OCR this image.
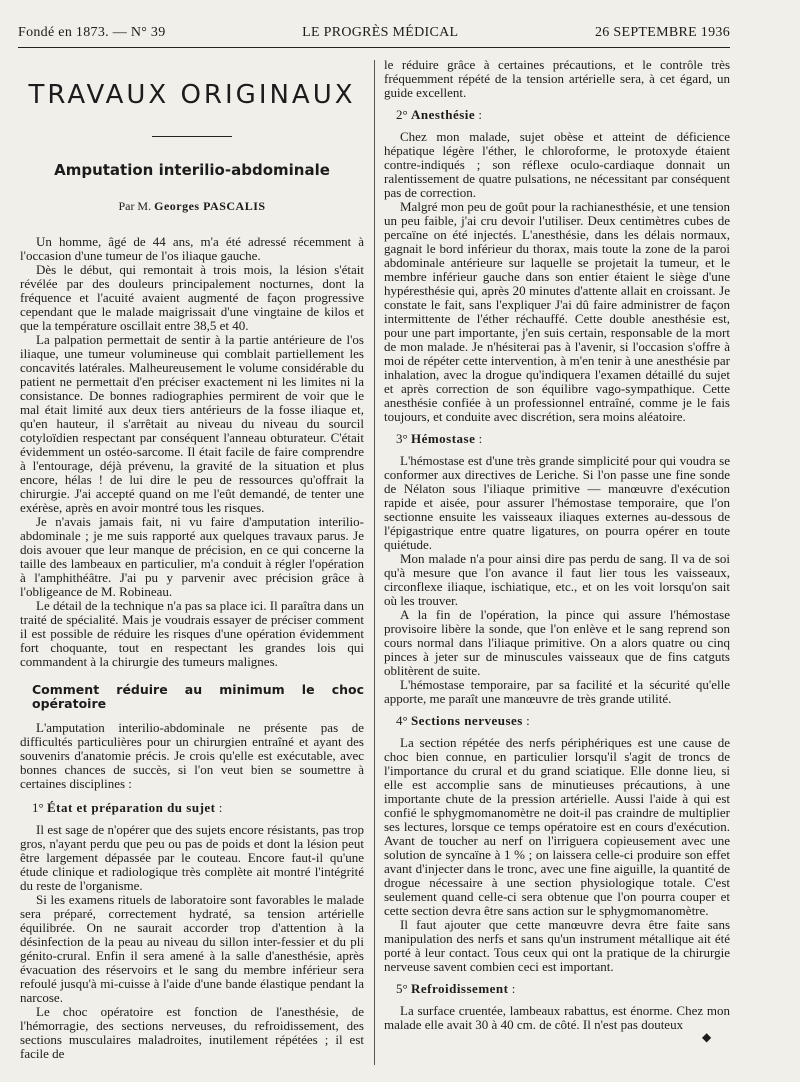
Fondé en 1873. — N° 39	LE PROGRÈS MÉDICAL	26 SEPTEMBRE 1936
TRAVAUX ORIGINAUX
Amputation interilio-abdominale
Par M. Georges PASCALIS

Un homme, âgé de 44 ans, m'a été adressé récemment à l'occasion d'une tumeur de l'os iliaque gauche.

Dès le début, qui remontait à trois mois, la lésion s'était révélée par des douleurs principalement nocturnes, dont la fréquence et l'acuité avaient augmenté de façon progressive cependant que le malade maigrissait d'une vingtaine de kilos et que la température oscillait entre 38,5 et 40.

La palpation permettait de sentir à la partie antérieure de l'os iliaque, une tumeur volumineuse qui comblait partiellement les concavités latérales. Malheureusement le volume considérable du patient ne permettait d'en préciser exactement ni les limites ni la consistance. De bonnes radiographies permirent de voir que le mal était limité aux deux tiers antérieurs de la fosse iliaque et, qu'en hauteur, il s'arrêtait au niveau du niveau du sourcil cotyloïdien respectant par conséquent l'anneau obturateur. C'était évidemment un ostéo-sarcome. Il était facile de faire comprendre à l'entourage, déjà prévenu, la gravité de la situation et plus encore, hélas ! de lui dire le peu de ressources qu'offrait la chirurgie. J'ai accepté quand on me l'eût demandé, de tenter une exérèse, après en avoir montré tous les risques.

Je n'avais jamais fait, ni vu faire d'amputation interilio-abdominale ; je me suis rapporté aux quelques travaux parus. Je dois avouer que leur manque de précision, en ce qui concerne la taille des lambeaux en particulier, m'a conduit à régler l'opération à l'amphithéâtre. J'ai pu y parvenir avec précision grâce à l'obligeance de M. Robineau.

Le détail de la technique n'a pas sa place ici. Il paraîtra dans un traité de spécialité. Mais je voudrais essayer de préciser comment il est possible de réduire les risques d'une opération évidemment fort choquante, tout en respectant les grandes lois qui commandent à la chirurgie des tumeurs malignes.

Comment réduire au minimum le choc opératoire

L'amputation interilio-abdominale ne présente pas de difficultés particulières pour un chirurgien entraîné et ayant des souvenirs d'anatomie précis. Je crois qu'elle est exécutable, avec bonnes chances de succès, si l'on veut bien se soumettre à certaines disciplines :

1° État et préparation du sujet :

Il est sage de n'opérer que des sujets encore résistants, pas trop gros, n'ayant perdu que peu ou pas de poids et dont la lésion peut être largement dépassée par le couteau. Encore faut-il qu'une étude clinique et radiologique très complète ait montré l'intégrité du reste de l'organisme.

Si les examens rituels de laboratoire sont favorables le malade sera préparé, correctement hydraté, sa tension artérielle équilibrée. On ne saurait accorder trop d'attention à la désinfection de la peau au niveau du sillon inter-fessier et du pli génito-crural. Enfin il sera amené à la salle d'anesthésie, après évacuation des réservoirs et le sang du membre inférieur sera refoulé jusqu'à mi-cuisse à l'aide d'une bande élastique pendant la narcose.

Le choc opératoire est fonction de l'anesthésie, de l'hémorragie, des sections nerveuses, du refroidissement, des sections musculaires maladroites, inutilement répétées ; il est facile de

le réduire grâce à certaines précautions, et le contrôle très fréquemment répété de la tension artérielle sera, à cet égard, un guide excellent.

2° Anesthésie :

Chez mon malade, sujet obèse et atteint de déficience hépatique légère l'éther, le chloroforme, le protoxyde étaient contre-indiqués ; son réflexe oculo-cardiaque donnait un ralentissement de quatre pulsations, ne nécessitant par conséquent pas de correction.

Malgré mon peu de goût pour la rachianesthésie, et une tension un peu faible, j'ai cru devoir l'utiliser. Deux centimètres cubes de percaïne on été injectés. L'anesthésie, dans les délais normaux, gagnait le bord inférieur du thorax, mais toute la zone de la paroi abdominale antérieure sur laquelle se projetait la tumeur, et le membre inférieur gauche dans son entier étaient le siège d'une hypéresthésie qui, après 20 minutes d'attente allait en croissant. Je constate le fait, sans l'expliquer J'ai dû faire administrer de façon intermittente de l'éther réchauffé. Cette double anesthésie est, pour une part importante, j'en suis certain, responsable de la mort de mon malade. Je n'hésiterai pas à l'avenir, si l'occasion s'offre à moi de répéter cette intervention, à m'en tenir à une anesthésie par inhalation, avec la drogue qu'indiquera l'examen détaillé du sujet et après correction de son équilibre vago-sympathique. Cette anesthésie confiée à un professionnel entraîné, comme je le fais toujours, et conduite avec discrétion, sera moins aléatoire.

3° Hémostase :

L'hémostase est d'une très grande simplicité pour qui voudra se conformer aux directives de Leriche. Si l'on passe une fine sonde de Nélaton sous l'iliaque primitive — manœuvre d'exécution rapide et aisée, pour assurer l'hémostase temporaire, que l'on sectionne ensuite les vaisseaux iliaques externes au-dessous de l'épigastrique entre quatre ligatures, on pourra opérer en toute quiétude.

Mon malade n'a pour ainsi dire pas perdu de sang. Il va de soi qu'à mesure que l'on avance il faut lier tous les vaisseaux, circonflexe iliaque, ischiatique, etc., et on les voit lorsqu'on sait où les trouver.

A la fin de l'opération, la pince qui assure l'hémostase provisoire libère la sonde, que l'on enlève et le sang reprend son cours normal dans l'iliaque primitive. On a alors quatre ou cinq pinces à jeter sur de minuscules vaisseaux que de fins catguts oblitèrent de suite.

L'hémostase temporaire, par sa facilité et la sécurité qu'elle apporte, me paraît une manœuvre de très grande utilité.

4° Sections nerveuses :

La section répétée des nerfs périphériques est une cause de choc bien connue, en particulier lorsqu'il s'agit de troncs de l'importance du crural et du grand sciatique. Elle donne lieu, si elle est accomplie sans de minutieuses précautions, à une importante chute de la pression artérielle. Aussi l'aide à qui est confié le sphygmomanomètre ne doit-il pas craindre de multiplier ses lectures, lorsque ce temps opératoire est en cours d'exécution. Avant de toucher au nerf on l'irriguera copieusement avec une solution de syncaïne à 1 % ; on laissera celle-ci produire son effet avant d'injecter dans le tronc, avec une fine aiguille, la quantité de drogue nécessaire à une section physiologique totale. C'est seulement quand celle-ci sera obtenue que l'on pourra couper et cette section devra être sans action sur le sphygmomanomètre.

Il faut ajouter que cette manœuvre devra être faite sans manipulation des nerfs et sans qu'un instrument métallique ait été porté à leur contact. Tous ceux qui ont la pratique de la chirurgie nerveuse savent combien ceci est important.

5° Refroidissement :

La surface cruentée, lambeaux rabattus, est énorme. Chez mon malade elle avait 30 à 40 cm. de côté. Il n'est pas douteux

◆
